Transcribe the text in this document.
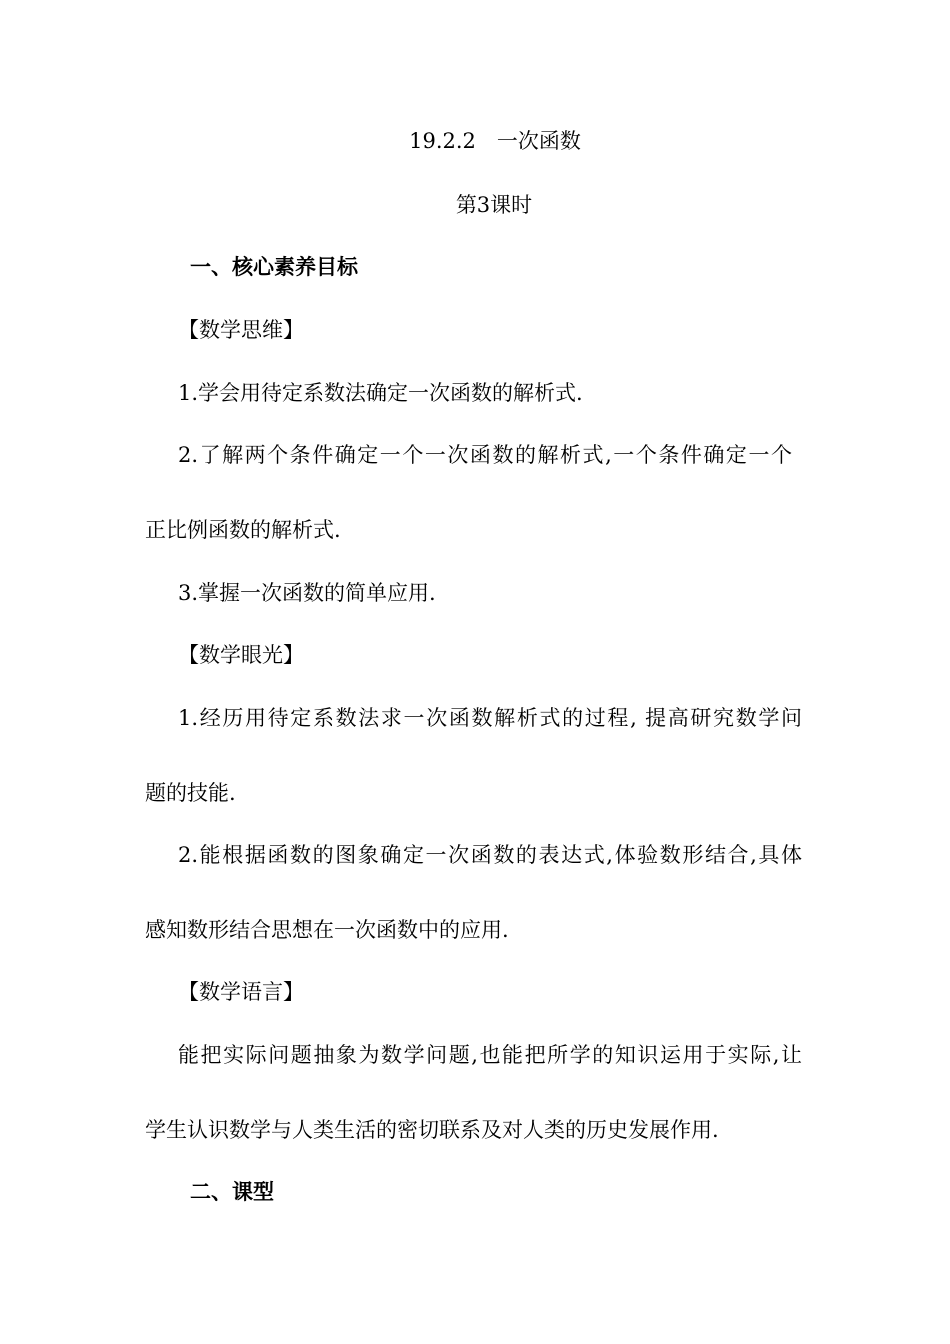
19.2.2　一次函数
第3课时
一、核心素养目标
【数学思维】
1.学会用待定系数法确定一次函数的解析式.
2.了解两个条件确定一个一次函数的解析式,一个条件确定一个
正比例函数的解析式.
3.掌握一次函数的简单应用.
【数学眼光】
1.经历用待定系数法求一次函数解析式的过程, 提高研究数学问
题的技能.
2.能根据函数的图象确定一次函数的表达式,体验数形结合,具体
感知数形结合思想在一次函数中的应用.
【数学语言】
能把实际问题抽象为数学问题,也能把所学的知识运用于实际,让
学生认识数学与人类生活的密切联系及对人类的历史发展作用.
二、课型
